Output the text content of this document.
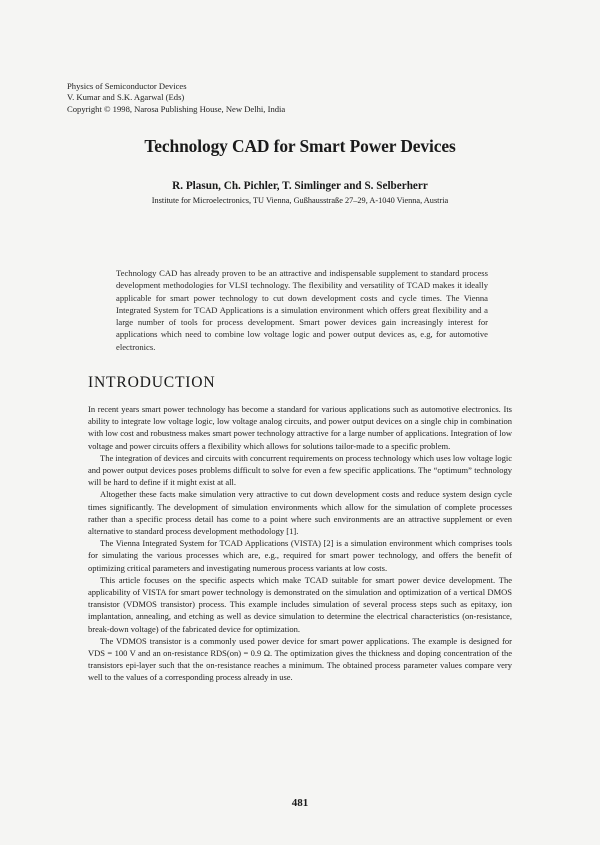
Physics of Semiconductor Devices
V. Kumar and S.K. Agarwal (Eds)
Copyright © 1998, Narosa Publishing House, New Delhi, India
Technology CAD for Smart Power Devices
R. Plasun, Ch. Pichler, T. Simlinger and S. Selberherr
Institute for Microelectronics, TU Vienna, Gußhausstraße 27–29, A-1040 Vienna, Austria
Technology CAD has already proven to be an attractive and indispensable supplement to standard process development methodologies for VLSI technology. The flexibility and versatility of TCAD makes it ideally applicable for smart power technology to cut down development costs and cycle times. The Vienna Integrated System for TCAD Applications is a simulation environment which offers great flexibility and a large number of tools for process development. Smart power devices gain increasingly interest for applications which need to combine low voltage logic and power output devices as, e.g, for automotive electronics.
INTRODUCTION

In recent years smart power technology has become a standard for various applications such as automotive electronics. Its ability to integrate low voltage logic, low voltage analog circuits, and power output devices on a single chip in combination with low cost and robustness makes smart power technology attractive for a large number of applications. Integration of low voltage and power circuits offers a flexibility which allows for solutions tailor-made to a specific problem.

The integration of devices and circuits with concurrent requirements on process technology which uses low voltage logic and power output devices poses problems difficult to solve for even a few specific applications. The “optimum” technology will be hard to define if it might exist at all.

Altogether these facts make simulation very attractive to cut down development costs and reduce system design cycle times significantly. The development of simulation environments which allow for the simulation of complete processes rather than a specific process detail has come to a point where such environments are an attractive supplement or even alternative to standard process development methodology [1].

The Vienna Integrated System for TCAD Applications (VISTA) [2] is a simulation environment which comprises tools for simulating the various processes which are, e.g., required for smart power technology, and offers the benefit of optimizing critical parameters and investigating numerous process variants at low costs.

This article focuses on the specific aspects which make TCAD suitable for smart power device development. The applicability of VISTA for smart power technology is demonstrated on the simulation and optimization of a vertical DMOS transistor (VDMOS transistor) process. This example includes simulation of several process steps such as epitaxy, ion implantation, annealing, and etching as well as device simulation to determine the electrical characteristics (on-resistance, break-down voltage) of the fabricated device for optimization.

The VDMOS transistor is a commonly used power device for smart power applications. The example is designed for VDS = 100 V and an on-resistance RDS(on) = 0.9 Ω. The optimization gives the thickness and doping concentration of the transistors epi-layer such that the on-resistance reaches a minimum. The obtained process parameter values compare very well to the values of a corresponding process already in use.

481
